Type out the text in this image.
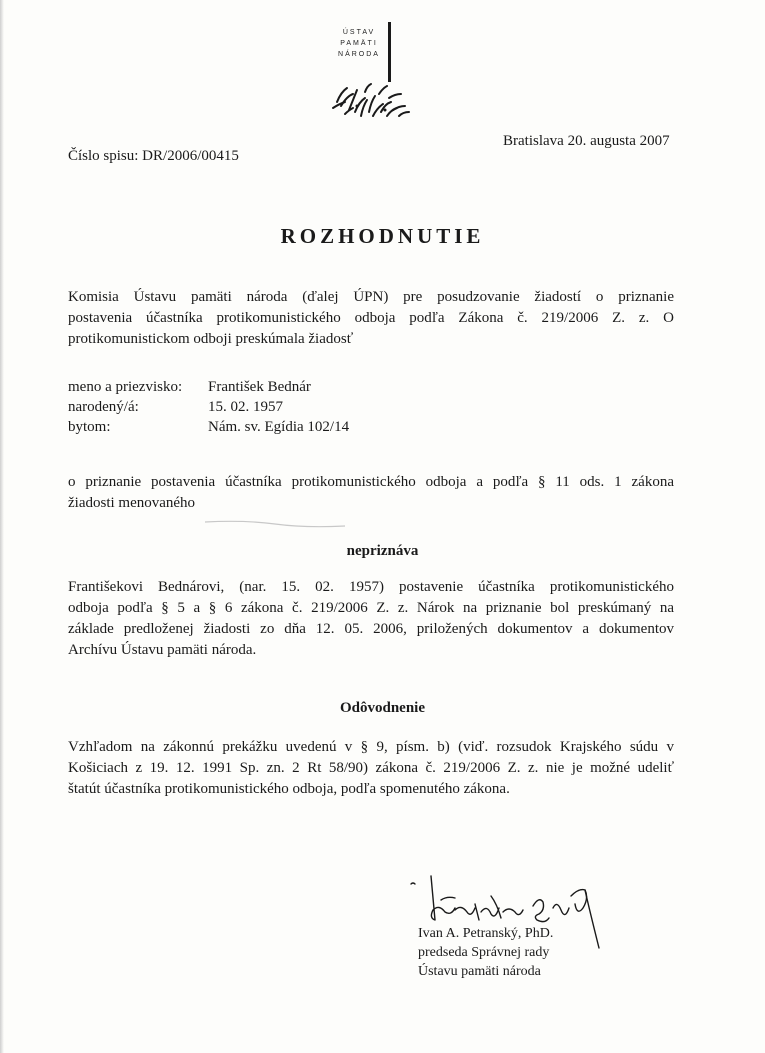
ÚSTAV
PAMÄTI
NÁRODA
Číslo spisu: DR/2006/00415
Bratislava 20. augusta 2007
ROZHODNUTIE
Komisia Ústavu pamäti národa (ďalej ÚPN) pre posudzovanie žiadostí o priznanie
postavenia účastníka protikomunistického odboja podľa Zákona č. 219/2006 Z. z. O
protikomunistickom odboji preskúmala žiadosť
meno a priezvisko:	František Bednár
narodený/á:	15. 02. 1957
bytom:	Nám. sv. Egídia 102/14
o priznanie postavenia účastníka protikomunistického odboja a podľa § 11 ods. 1 zákona
žiadosti menovaného
nepriznáva
Františekovi Bednárovi, (nar. 15. 02. 1957) postavenie účastníka protikomunistického
odboja podľa § 5 a § 6 zákona č. 219/2006 Z. z. Nárok na priznanie bol preskúmaný na
základe predloženej žiadosti zo dňa 12. 05. 2006, priložených dokumentov a dokumentov
Archívu Ústavu pamäti národa.
Odôvodnenie
Vzhľadom na zákonnú prekážku uvedenú v § 9, písm. b) (viď. rozsudok Krajského súdu v
Košiciach z 19. 12. 1991 Sp. zn. 2 Rt 58/90) zákona č. 219/2006 Z. z. nie je možné udeliť
štatút účastníka protikomunistického odboja, podľa spomenutého zákona.
Ivan A. Petranský, PhD.
predseda Správnej rady
Ústavu pamäti národa
